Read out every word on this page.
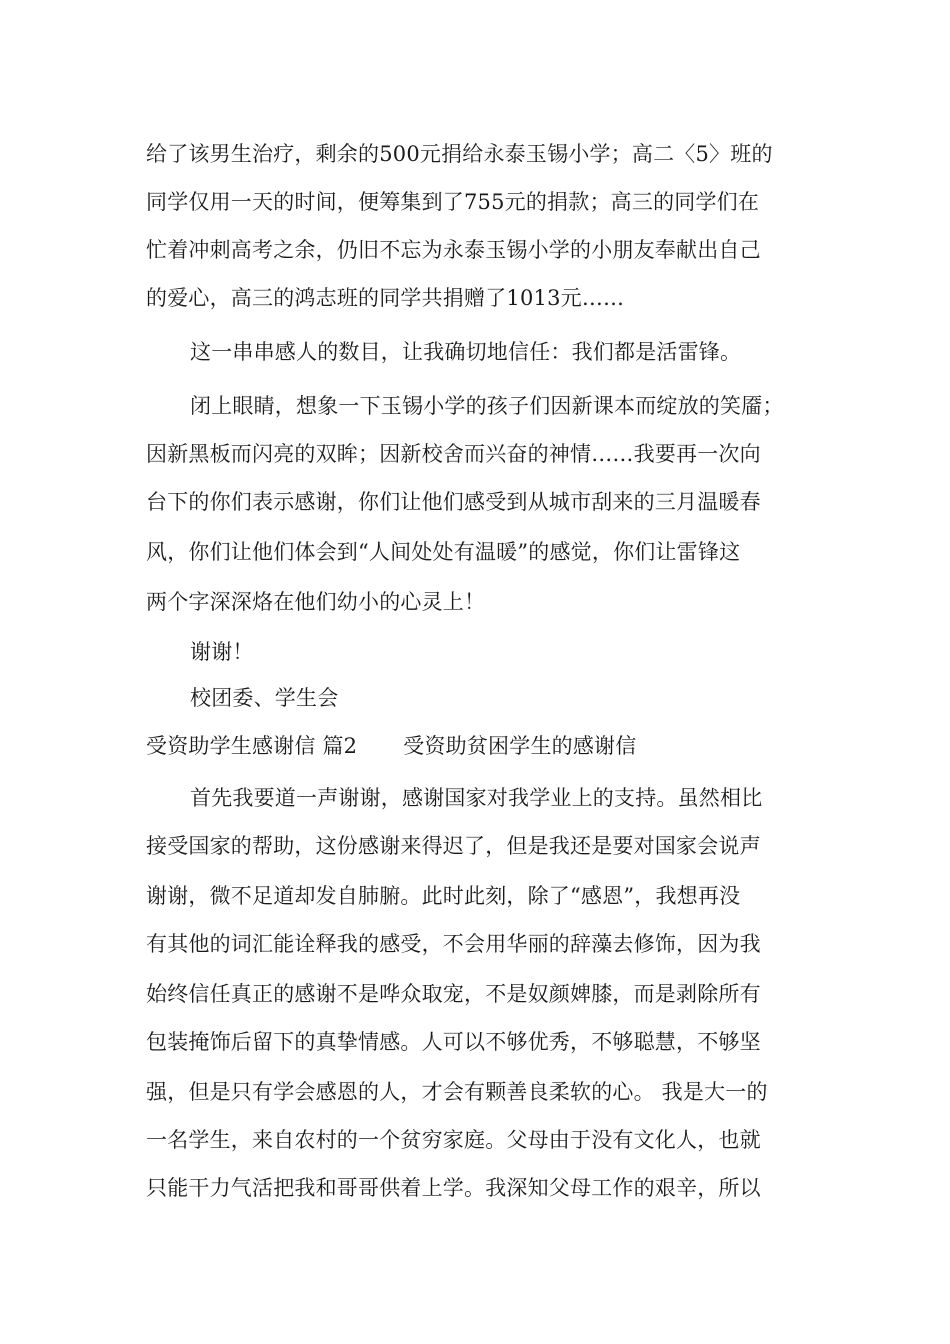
给了该男生治疗，剩余的500元捐给永泰玉锡小学；高二〈5〉班的
同学仅用一天的时间，便筹集到了755元的捐款；高三的同学们在
忙着冲刺高考之余，仍旧不忘为永泰玉锡小学的小朋友奉献出自己
的爱心，高三的鸿志班的同学共捐赠了1013元……
这一串串感人的数目，让我确切地信任：我们都是活雷锋。
闭上眼睛，想象一下玉锡小学的孩子们因新课本而绽放的笑靥；
因新黑板而闪亮的双眸；因新校舍而兴奋的神情……我要再一次向
台下的你们表示感谢，你们让他们感受到从城市刮来的三月温暖春
风，你们让他们体会到“人间处处有温暖”的感觉，你们让雷锋这
两个字深深烙在他们幼小的心灵上！
谢谢！
校团委、学生会
受资助学生感谢信 篇2 受资助贫困学生的感谢信
首先我要道一声谢谢，感谢国家对我学业上的支持。虽然相比
接受国家的帮助，这份感谢来得迟了，但是我还是要对国家会说声
谢谢，微不足道却发自肺腑。此时此刻，除了“感恩”，我想再没
有其他的词汇能诠释我的感受，不会用华丽的辞藻去修饰，因为我
始终信任真正的感谢不是哗众取宠，不是奴颜婢膝，而是剥除所有
包装掩饰后留下的真挚情感。人可以不够优秀，不够聪慧，不够坚
强，但是只有学会感恩的人，才会有颗善良柔软的心。 我是大一的
一名学生，来自农村的一个贫穷家庭。父母由于没有文化人，也就
只能干力气活把我和哥哥供着上学。我深知父母工作的艰辛，所以
